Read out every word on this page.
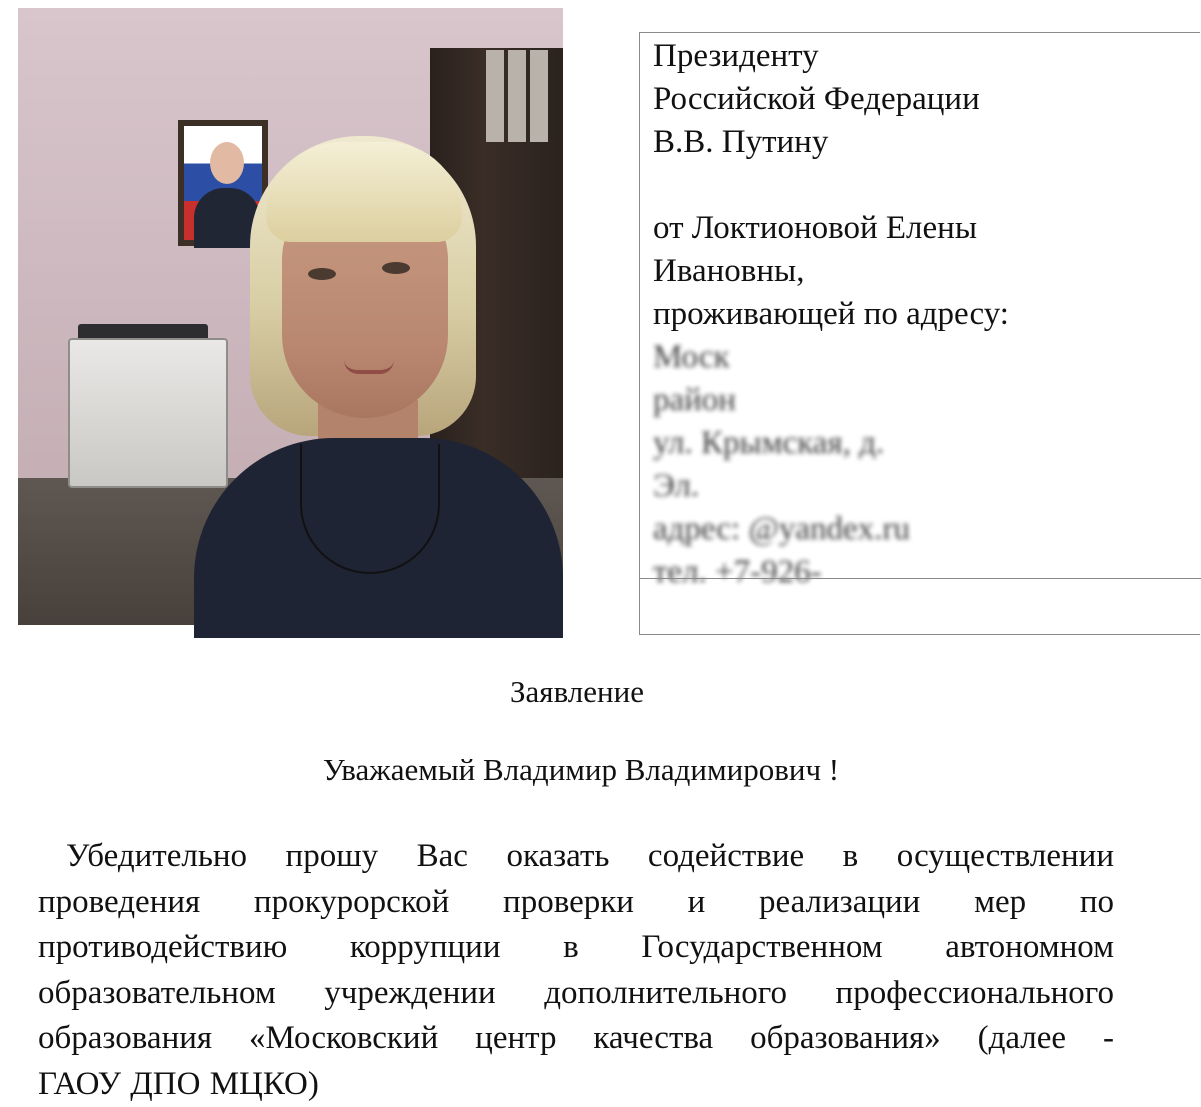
Президенту
Российской Федерации
В.В. Путину
от Локтионовой Елены
Ивановны,
проживающей по адресу:
Моск
район
ул. Крымская, д.
Эл.
адрес: @yandex.ru
тел. +7-926-
Заявление
Уважаемый Владимир Владимирович !
Убедительно прошу Вас оказать содействие в осуществлении
проведения прокурорской проверки и реализации мер по
противодействию коррупции в Государственном автономном
образовательном учреждении дополнительного профессионального
образования «Московский центр качества образования» (далее -
ГАОУ ДПО МЦКО)
